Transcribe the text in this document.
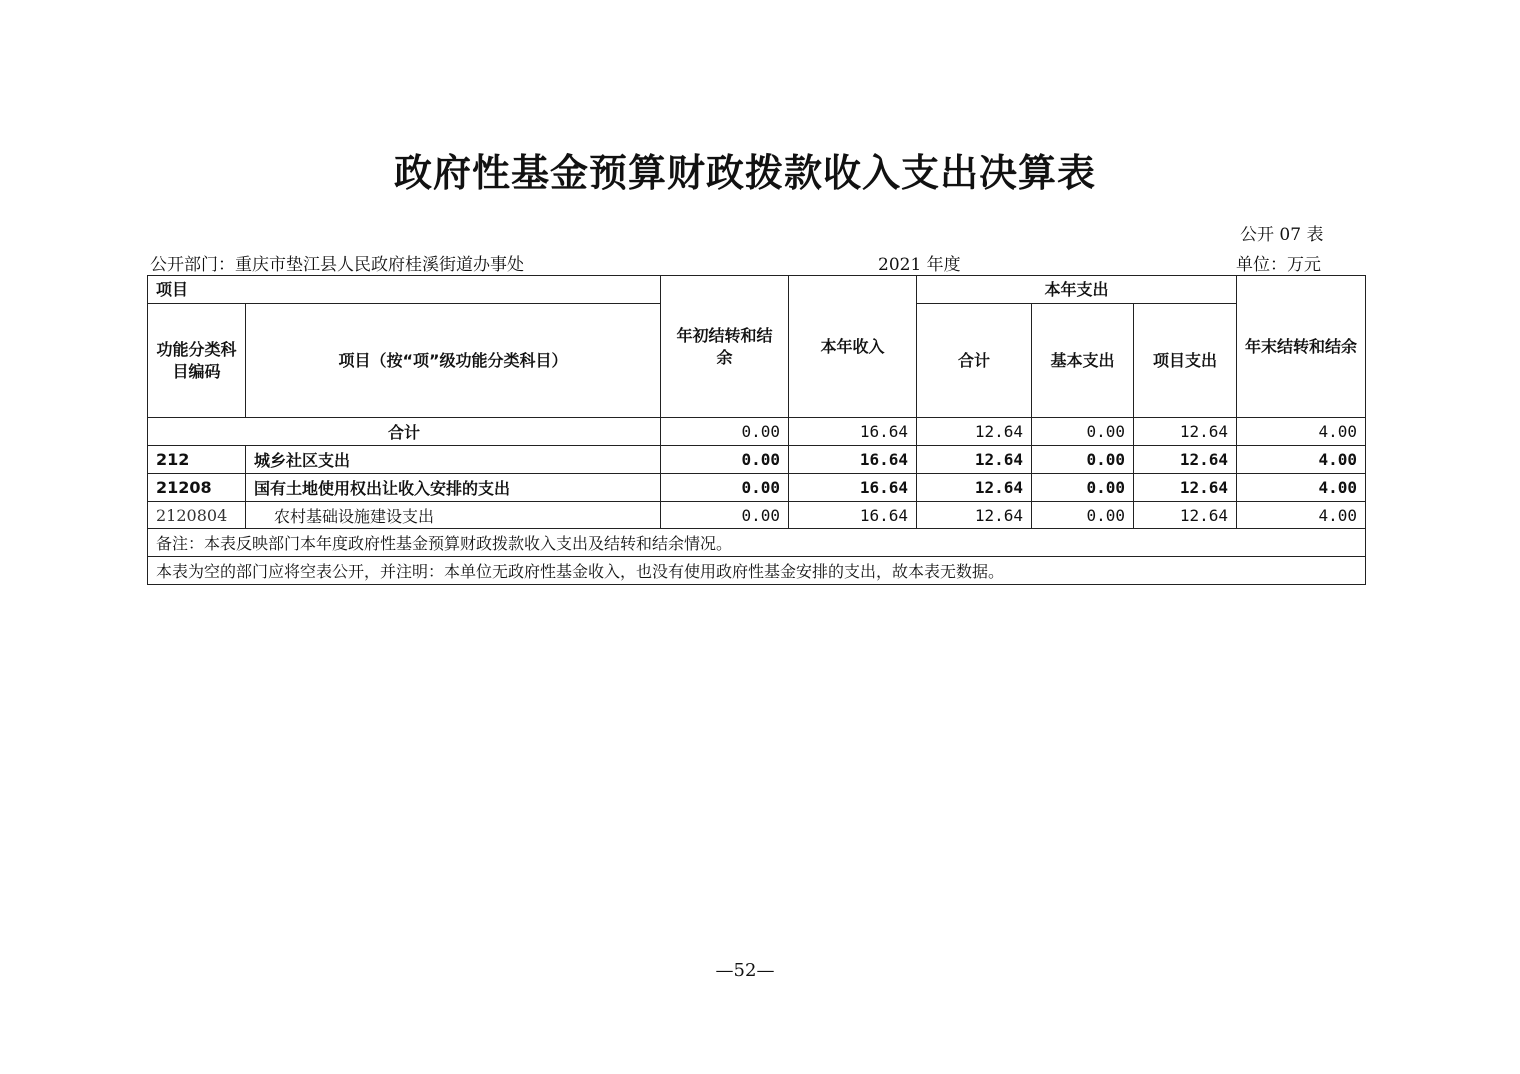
政府性基金预算财政拨款收入支出决算表
公开 07 表
公开部门：重庆市垫江县人民政府桂溪街道办事处	2021 年度	单位：万元
项目		年初结转和结余	本年收入	本年支出			年末结转和结余
功能分类科目编码	项目（按“项”级功能分类科目）			合计	基本支出	项目支出	
合计		0.00	16.64	12.64	0.00	12.64	4.00
212	城乡社区支出	0.00	16.64	12.64	0.00	12.64	4.00
21208	国有土地使用权出让收入安排的支出	0.00	16.64	12.64	0.00	12.64	4.00
2120804	农村基础设施建设支出	0.00	16.64	12.64	0.00	12.64	4.00
备注：本表反映部门本年度政府性基金预算财政拨款收入支出及结转和结余情况。							
本表为空的部门应将空表公开，并注明：本单位无政府性基金收入，也没有使用政府性基金安排的支出，故本表无数据。							
—52—
